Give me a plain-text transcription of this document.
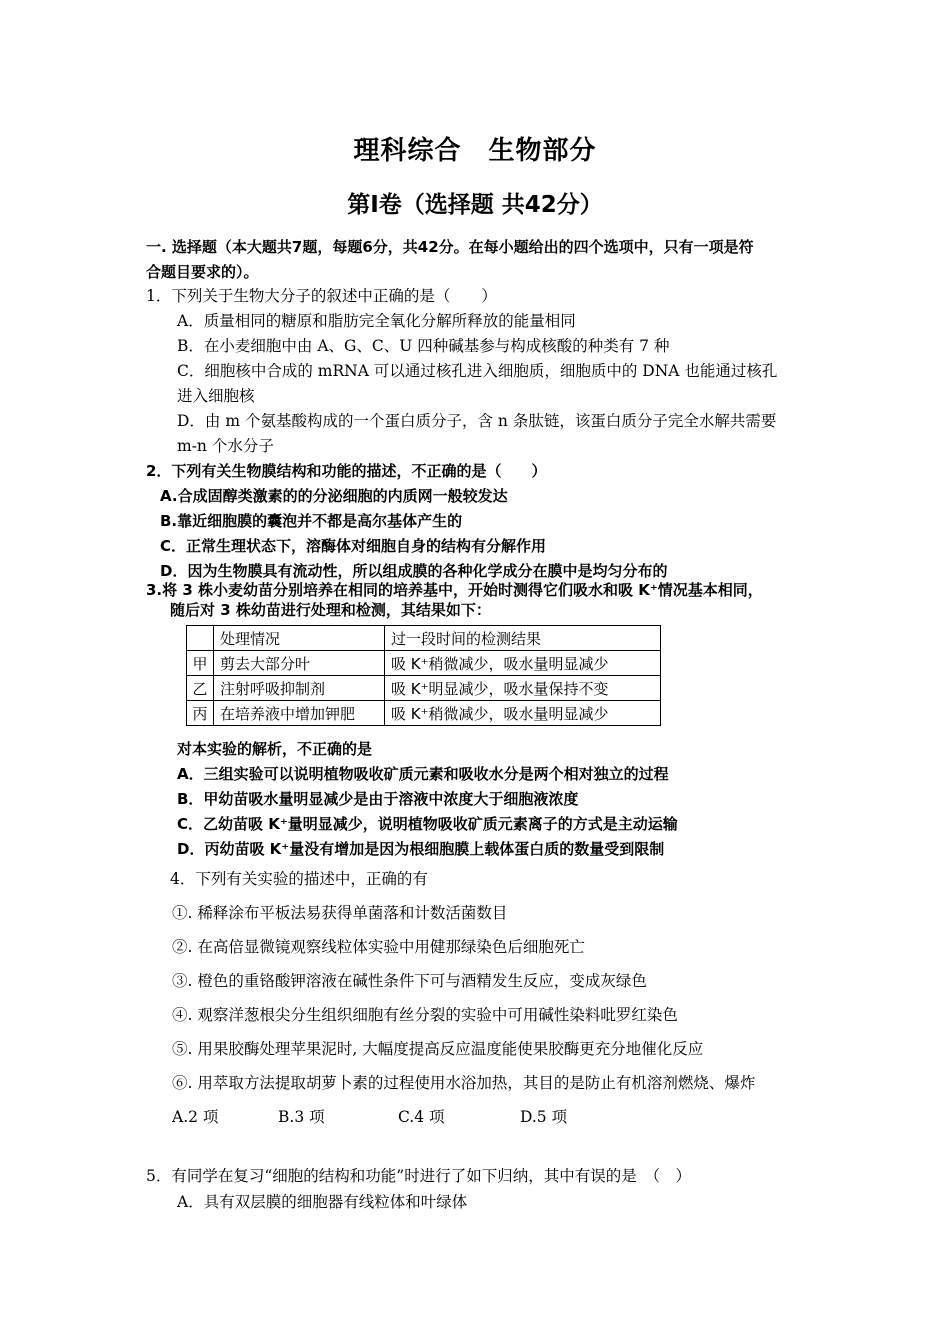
理科综合　生物部分
第Ⅰ卷（选择题 共42分）
一. 选择题（本大题共7题，每题6分，共42分。在每小题给出的四个选项中，只有一项是符
合题目要求的）。
1．下列关于生物大分子的叙述中正确的是（　　）
A．质量相同的糖原和脂肪完全氧化分解所释放的能量相同
B．在小麦细胞中由 A、G、C、U 四种碱基参与构成核酸的种类有 7 种
C．细胞核中合成的 mRNA 可以通过核孔进入细胞质，细胞质中的 DNA 也能通过核孔
进入细胞核
D．由 m 个氨基酸构成的一个蛋白质分子，含 n 条肽链，该蛋白质分子完全水解共需要
m-n 个水分子
2．下列有关生物膜结构和功能的描述，不正确的是（　　）
A.合成固醇类激素的的分泌细胞的内质网一般较发达
B.靠近细胞膜的囊泡并不都是高尔基体产生的
C．正常生理状态下，溶酶体对细胞自身的结构有分解作用
D．因为生物膜具有流动性，所以组成膜的各种化学成分在膜中是均匀分布的
3.将 3 株小麦幼苗分别培养在相同的培养基中，开始时测得它们吸水和吸 K⁺情况基本相同，
随后对 3 株幼苗进行处理和检测，其结果如下：
	处理情况	过一段时间的检测结果
甲	剪去大部分叶	吸 K⁺稍微减少，吸水量明显减少
乙	注射呼吸抑制剂	吸 K⁺明显减少，吸水量保持不变
丙	在培养液中增加钾肥	吸 K⁺稍微减少，吸水量明显减少
对本实验的解析，不正确的是
A．三组实验可以说明植物吸收矿质元素和吸收水分是两个相对独立的过程
B．甲幼苗吸水量明显减少是由于溶液中浓度大于细胞液浓度
C．乙幼苗吸 K⁺量明显减少，说明植物吸收矿质元素离子的方式是主动运输
D．丙幼苗吸 K⁺量没有增加是因为根细胞膜上载体蛋白质的数量受到限制
4．下列有关实验的描述中，正确的有
①. 稀释涂布平板法易获得单菌落和计数活菌数目
②. 在高倍显微镜观察线粒体实验中用健那绿染色后细胞死亡
③. 橙色的重铬酸钾溶液在碱性条件下可与酒精发生反应，变成灰绿色
④. 观察洋葱根尖分生组织细胞有丝分裂的实验中可用碱性染料吡罗红染色
⑤. 用果胶酶处理苹果泥时, 大幅度提高反应温度能使果胶酶更充分地催化反应
⑥. 用萃取方法提取胡萝卜素的过程使用水浴加热，其目的是防止有机溶剂燃烧、爆炸
A.2 项	B.3 项	C.4 项	D.5 项
5．有同学在复习“细胞的结构和功能”时进行了如下归纳，其中有误的是　（　）
A．具有双层膜的细胞器有线粒体和叶绿体
